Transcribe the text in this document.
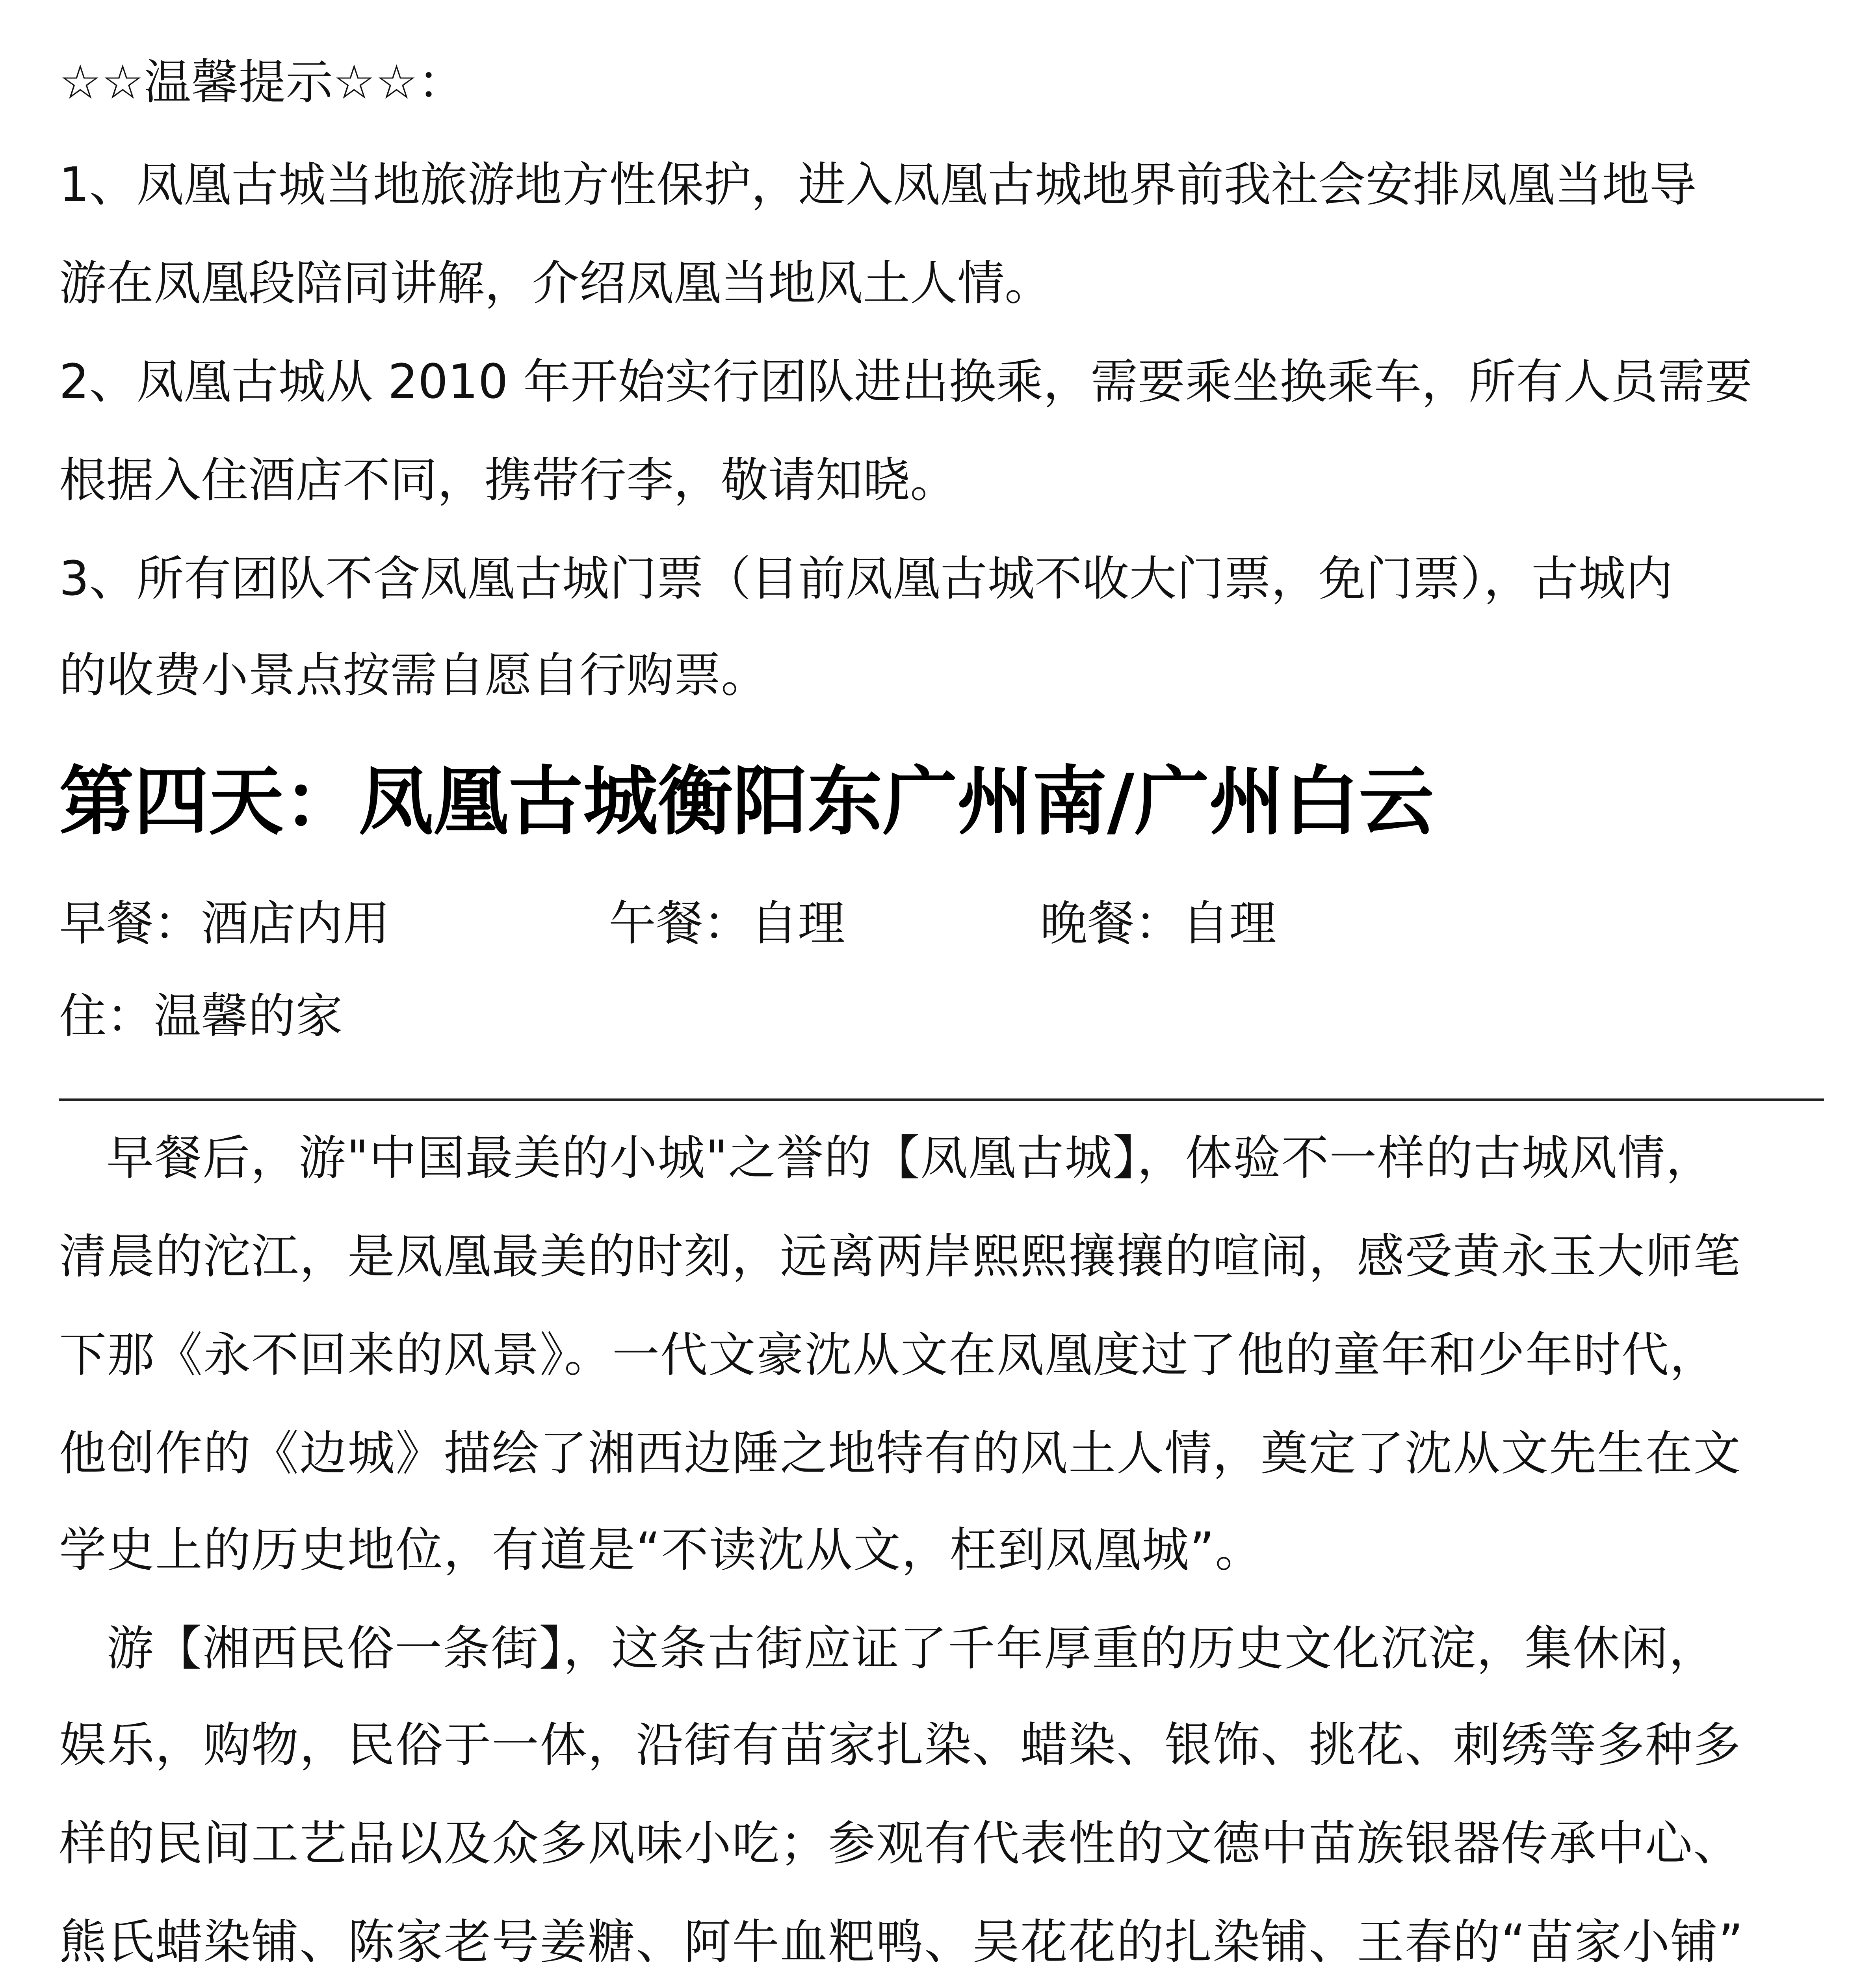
☆☆温馨提示☆☆：
1、凤凰古城当地旅游地方性保护，进入凤凰古城地界前我社会安排凤凰当地导
游在凤凰段陪同讲解，介绍凤凰当地风土人情。
2、凤凰古城从 2010 年开始实行团队进出换乘，需要乘坐换乘车，所有人员需要
根据入住酒店不同，携带行李，敬请知晓。
3、所有团队不含凤凰古城门票（目前凤凰古城不收大门票，免门票），古城内
的收费小景点按需自愿自行购票。
第四天：凤凰古城衡阳东广州南/广州白云
早餐：酒店内用	午餐：自理	晚餐：自理
住：温馨的家
早餐后，游"中国最美的小城"之誉的【凤凰古城】，体验不一样的古城风情，
清晨的沱江，是凤凰最美的时刻，远离两岸熙熙攘攘的喧闹，感受黄永玉大师笔
下那《永不回来的风景》。一代文豪沈从文在凤凰度过了他的童年和少年时代，
他创作的《边城》描绘了湘西边陲之地特有的风土人情，奠定了沈从文先生在文
学史上的历史地位，有道是“不读沈从文，枉到凤凰城”。
游【湘西民俗一条街】，这条古街应证了千年厚重的历史文化沉淀，集休闲，
娱乐，购物，民俗于一体，沿街有苗家扎染、蜡染、银饰、挑花、刺绣等多种多
样的民间工艺品以及众多风味小吃；参观有代表性的文德中苗族银器传承中心、
熊氏蜡染铺、陈家老号姜糖、阿牛血粑鸭、吴花花的扎染铺、王春的“苗家小铺”
